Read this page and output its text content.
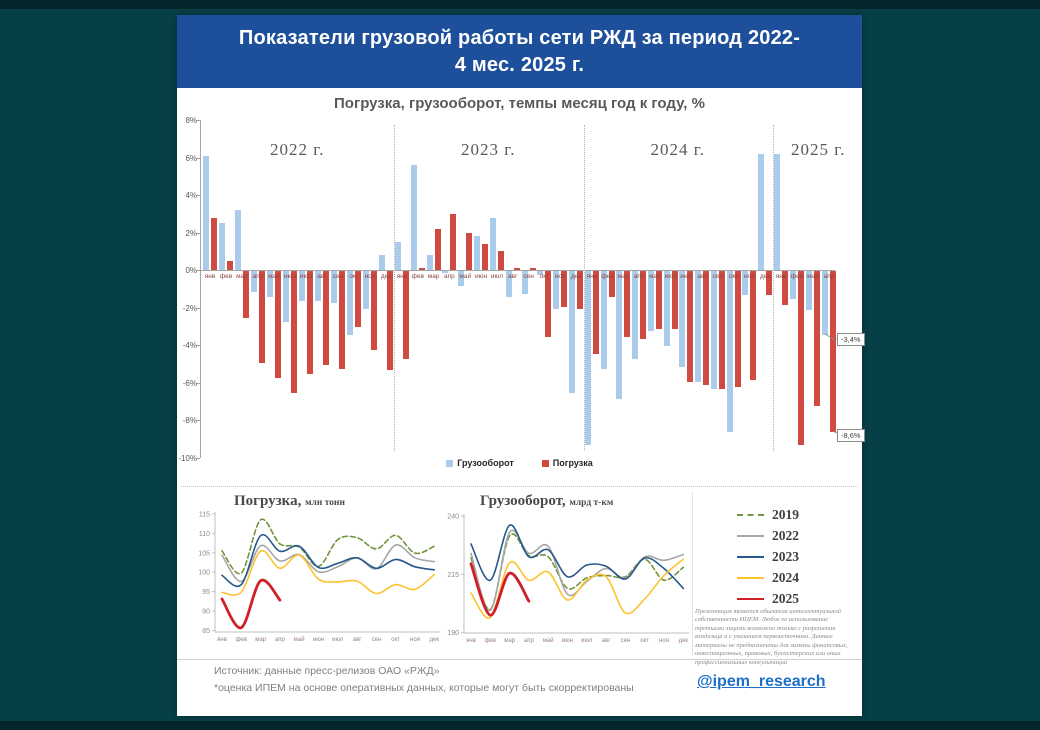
Показатели грузовой работы сети РЖД за период 2022-
4 мес. 2025 г.
Погрузка, грузооборот, темпы месяц год к году, %
8%
6%
4%
2%
0%
-2%
-4%
-6%
-8%
-10%
янв фев мар апр май июн июл авг сен окт ноя дек
2022 г.
янв фев мар апр май июн июл авг сен окт ноя дек
2023 г.
янв фев мар апр май июн июл авг сен окт ноя дек
2024 г.
янв фев мар апр
2025 г.
-3,4%
-8,6%
Грузооборот	Погрузка
Погрузка, млн тонн	Грузооборот, млрд т-км
115
110
105
100
95
90
85
янв фев мар апр май июн июл авг сен окт ноя дек
240
215
190
янв фев мар апр май июн июл авг сен окт ноя дек
2019
2022
2023
2024
2025
Презентация является объектом интеллектуальной собственности ИПЕМ. Любое ее использование третьими лицами возможно только с разрешения владельца и с указанием первоисточника. Данные материалы не предназначены для замены финансовых, инвестиционных, правовых, бухгалтерских или иных профессиональных консультаций
Источник: данные пресс-релизов ОАО «РЖД»
*оценка ИПЕМ на основе оперативных данных, которые могут быть скорректированы	@ipem_research
